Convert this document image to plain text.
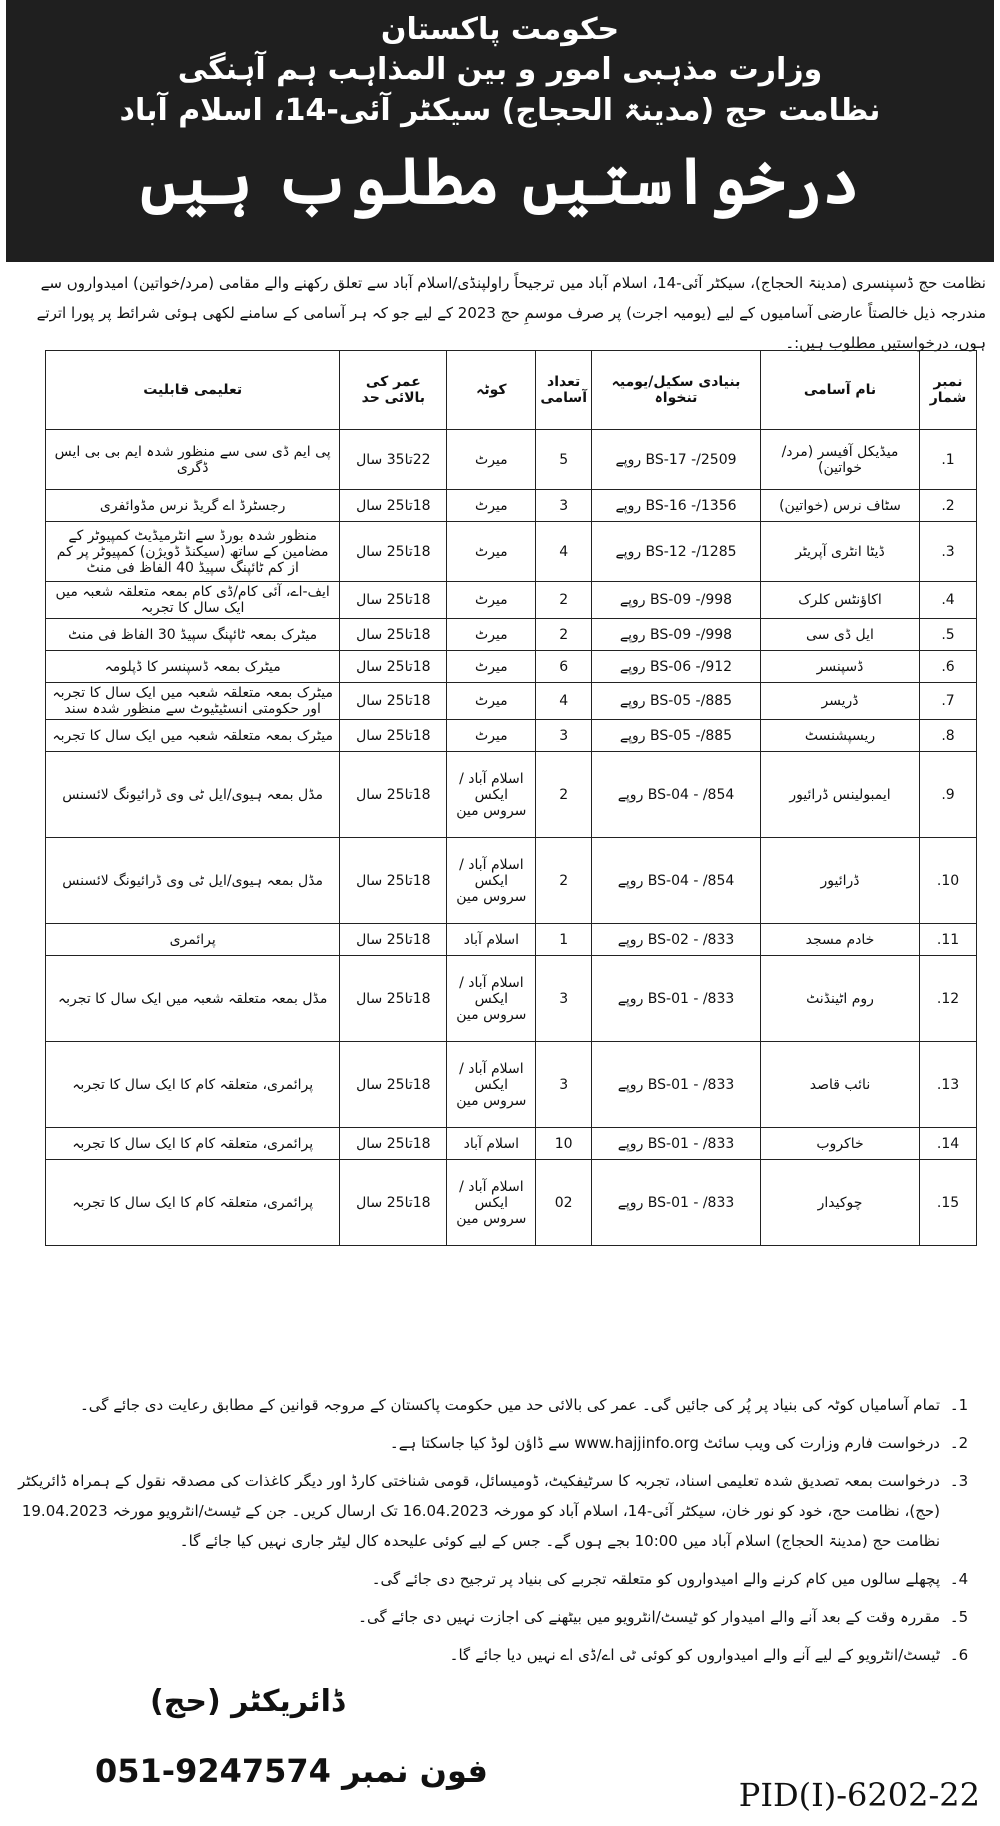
حکومت پاکستان
وزارت مذہبی امور و بین المذاہب ہم آہنگی
نظامت حج (مدینۃ الحجاج) سیکٹر آئی-14، اسلام آباد
درخواستیں مطلوب ہیں
نظامت حج ڈسپنسری (مدینۃ الحجاج)، سیکٹر آئی-14، اسلام آباد میں ترجیحاً راولپنڈی/اسلام آباد سے تعلق رکھنے والے مقامی (مرد/خواتین) امیدواروں سے مندرجہ ذیل خالصتاً عارضی آسامیوں کے لیے (یومیہ اجرت) پر صرف موسمِ حج 2023 کے لیے جو کہ ہر آسامی کے سامنے لکھی ہوئی شرائط پر پورا اترتے ہوں، درخواستیں مطلوب ہیں:۔
نمبر شمار	نام آسامی	بنیادی سکیل/یومیہ تنخواہ	تعداد آسامی	کوٹہ	عمر کی بالائی حد	تعلیمی قابلیت
1.	میڈیکل آفیسر (مرد/خواتین)	BS-17 -/2509 روپے	5	میرٹ	22تا35 سال	پی ایم ڈی سی سے منظور شدہ ایم بی بی ایس ڈگری
2.	سٹاف نرس (خواتین)	BS-16 -/1356 روپے	3	میرٹ	18تا25 سال	رجسٹرڈ اے گریڈ نرس مڈوائفری
3.	ڈیٹا انٹری آپریٹر	BS-12 -/1285 روپے	4	میرٹ	18تا25 سال	منظور شدہ بورڈ سے انٹرمیڈیٹ کمپیوٹر کے مضامین کے ساتھ (سیکنڈ ڈویژن) کمپیوٹر پر کم از کم ٹائپنگ سپیڈ 40 الفاظ فی منٹ
4.	اکاؤنٹس کلرک	BS-09 -/998 روپے	2	میرٹ	18تا25 سال	ایف-اے، آئی کام/ڈی کام بمعہ متعلقہ شعبہ میں ایک سال کا تجربہ
5.	ایل ڈی سی	BS-09 -/998 روپے	2	میرٹ	18تا25 سال	میٹرک بمعہ ٹائپنگ سپیڈ 30 الفاظ فی منٹ
6.	ڈسپنسر	BS-06 -/912 روپے	6	میرٹ	18تا25 سال	میٹرک بمعہ ڈسپنسر کا ڈپلومہ
7.	ڈریسر	BS-05 -/885 روپے	4	میرٹ	18تا25 سال	میٹرک بمعہ متعلقہ شعبہ میں ایک سال کا تجربہ اور حکومتی انسٹیٹیوٹ سے منظور شدہ سند
8.	ریسپشنسٹ	BS-05 -/885 روپے	3	میرٹ	18تا25 سال	میٹرک بمعہ متعلقہ شعبہ میں ایک سال کا تجربہ
9.	ایمبولینس ڈرائیور	BS-04 - /854 روپے	2	اسلام آباد / ایکس سروس مین	18تا25 سال	مڈل بمعہ ہیوی/ایل ٹی وی ڈرائیونگ لائسنس
10.	ڈرائیور	BS-04 - /854 روپے	2	اسلام آباد / ایکس سروس مین	18تا25 سال	مڈل بمعہ ہیوی/ایل ٹی وی ڈرائیونگ لائسنس
11.	خادم مسجد	BS-02 - /833 روپے	1	اسلام آباد	18تا25 سال	پرائمری
12.	روم اٹینڈنٹ	BS-01 - /833 روپے	3	اسلام آباد / ایکس سروس مین	18تا25 سال	مڈل بمعہ متعلقہ شعبہ میں ایک سال کا تجربہ
13.	نائب قاصد	BS-01 - /833 روپے	3	اسلام آباد / ایکس سروس مین	18تا25 سال	پرائمری، متعلقہ کام کا ایک سال کا تجربہ
14.	خاکروب	BS-01 - /833 روپے	10	اسلام آباد	18تا25 سال	پرائمری، متعلقہ کام کا ایک سال کا تجربہ
15.	چوکیدار	BS-01 - /833 روپے	02	اسلام آباد / ایکس سروس مین	18تا25 سال	پرائمری، متعلقہ کام کا ایک سال کا تجربہ
1۔
تمام آسامیاں کوٹہ کی بنیاد پر پُر کی جائیں گی۔ عمر کی بالائی حد میں حکومت پاکستان کے مروجہ قوانین کے مطابق رعایت دی جائے گی۔
2۔
درخواست فارم وزارت کی ویب سائٹ www.hajjinfo.org سے ڈاؤن لوڈ کیا جاسکتا ہے۔
3۔
درخواست بمعہ تصدیق شدہ تعلیمی اسناد، تجربہ کا سرٹیفکیٹ، ڈومیسائل، قومی شناختی کارڈ اور دیگر کاغذات کی مصدقہ نقول کے ہمراہ ڈائریکٹر (حج)، نظامت حج، خود کو نور خان، سیکٹر آئی-14، اسلام آباد کو مورخہ 16.04.2023 تک ارسال کریں۔ جن کے ٹیسٹ/انٹرویو مورخہ 19.04.2023 نظامت حج (مدینۃ الحجاج) اسلام آباد میں 10:00 بجے ہوں گے۔ جس کے لیے کوئی علیحدہ کال لیٹر جاری نہیں کیا جائے گا۔
4۔
پچھلے سالوں میں کام کرنے والے امیدواروں کو متعلقہ تجربے کی بنیاد پر ترجیح دی جائے گی۔
5۔
مقررہ وقت کے بعد آنے والے امیدوار کو ٹیسٹ/انٹرویو میں بیٹھنے کی اجازت نہیں دی جائے گی۔
6۔
ٹیسٹ/انٹرویو کے لیے آنے والے امیدواروں کو کوئی ٹی اے/ڈی اے نہیں دیا جائے گا۔
ڈائریکٹر (حج)
051-9247574 فون نمبر
PID(I)-6202-22
